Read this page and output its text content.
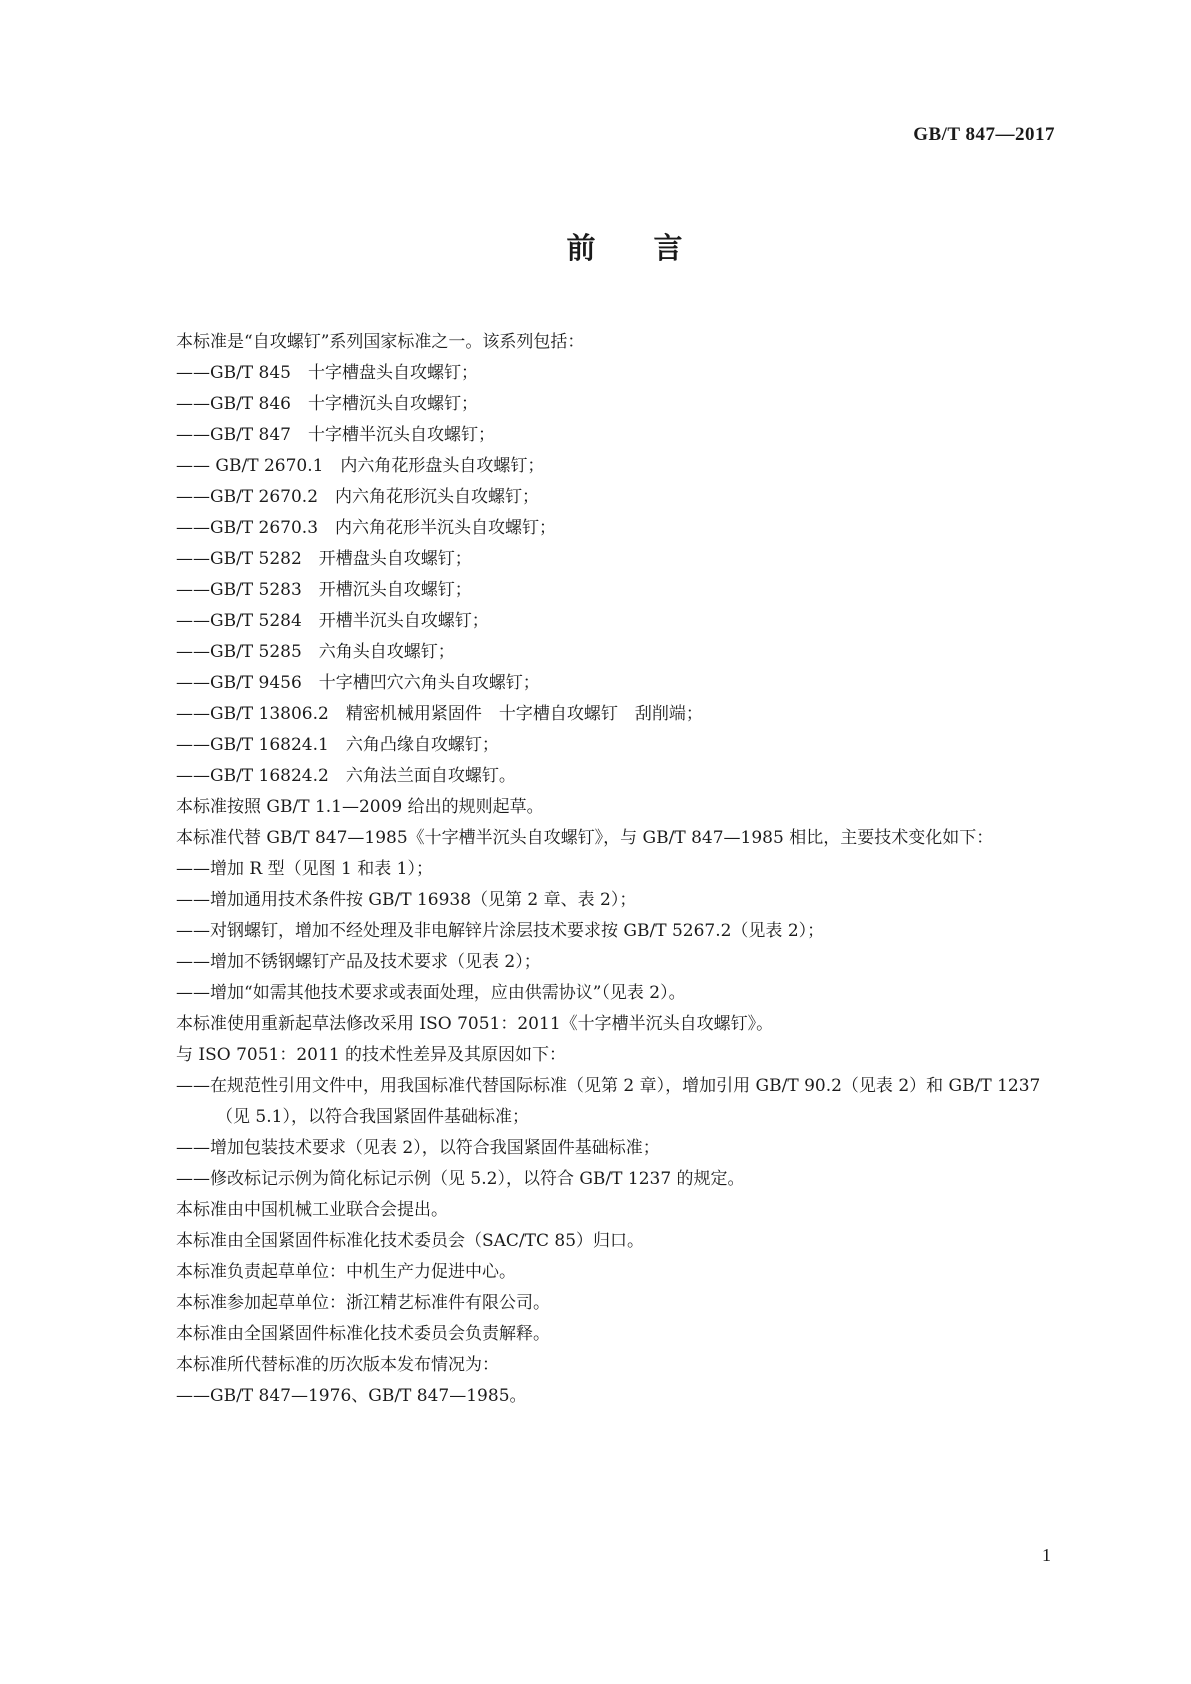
GB/T 847—2017
前言

本标准是“自攻螺钉”系列国家标准之一。该系列包括：

——GB/T 845　十字槽盘头自攻螺钉；

——GB/T 846　十字槽沉头自攻螺钉；

——GB/T 847　十字槽半沉头自攻螺钉；

—— GB/T 2670.1　内六角花形盘头自攻螺钉；

——GB/T 2670.2　内六角花形沉头自攻螺钉；

——GB/T 2670.3　内六角花形半沉头自攻螺钉；

——GB/T 5282　开槽盘头自攻螺钉；

——GB/T 5283　开槽沉头自攻螺钉；

——GB/T 5284　开槽半沉头自攻螺钉；

——GB/T 5285　六角头自攻螺钉；

——GB/T 9456　十字槽凹穴六角头自攻螺钉；

——GB/T 13806.2　精密机械用紧固件　十字槽自攻螺钉　刮削端；

——GB/T 16824.1　六角凸缘自攻螺钉；

——GB/T 16824.2　六角法兰面自攻螺钉。

本标准按照 GB/T 1.1—2009 给出的规则起草。

本标准代替 GB/T 847—1985《十字槽半沉头自攻螺钉》，与 GB/T 847—1985 相比，主要技术变化如下：

——增加 R 型（见图 1 和表 1）；

——增加通用技术条件按 GB/T 16938（见第 2 章、表 2）；

——对钢螺钉，增加不经处理及非电解锌片涂层技术要求按 GB/T 5267.2（见表 2）；

——增加不锈钢螺钉产品及技术要求（见表 2）；

——增加“如需其他技术要求或表面处理，应由供需协议”（见表 2）。

本标准使用重新起草法修改采用 ISO 7051：2011《十字槽半沉头自攻螺钉》。

与 ISO 7051：2011 的技术性差异及其原因如下：

——在规范性引用文件中，用我国标准代替国际标准（见第 2 章），增加引用 GB/T 90.2（见表 2）和 GB/T 1237（见 5.1），以符合我国紧固件基础标准；

——增加包装技术要求（见表 2），以符合我国紧固件基础标准；

——修改标记示例为简化标记示例（见 5.2），以符合 GB/T 1237 的规定。

本标准由中国机械工业联合会提出。

本标准由全国紧固件标准化技术委员会（SAC/TC 85）归口。

本标准负责起草单位：中机生产力促进中心。

本标准参加起草单位：浙江精艺标准件有限公司。

本标准由全国紧固件标准化技术委员会负责解释。

本标准所代替标准的历次版本发布情况为：

——GB/T 847—1976、GB/T 847—1985。

1
